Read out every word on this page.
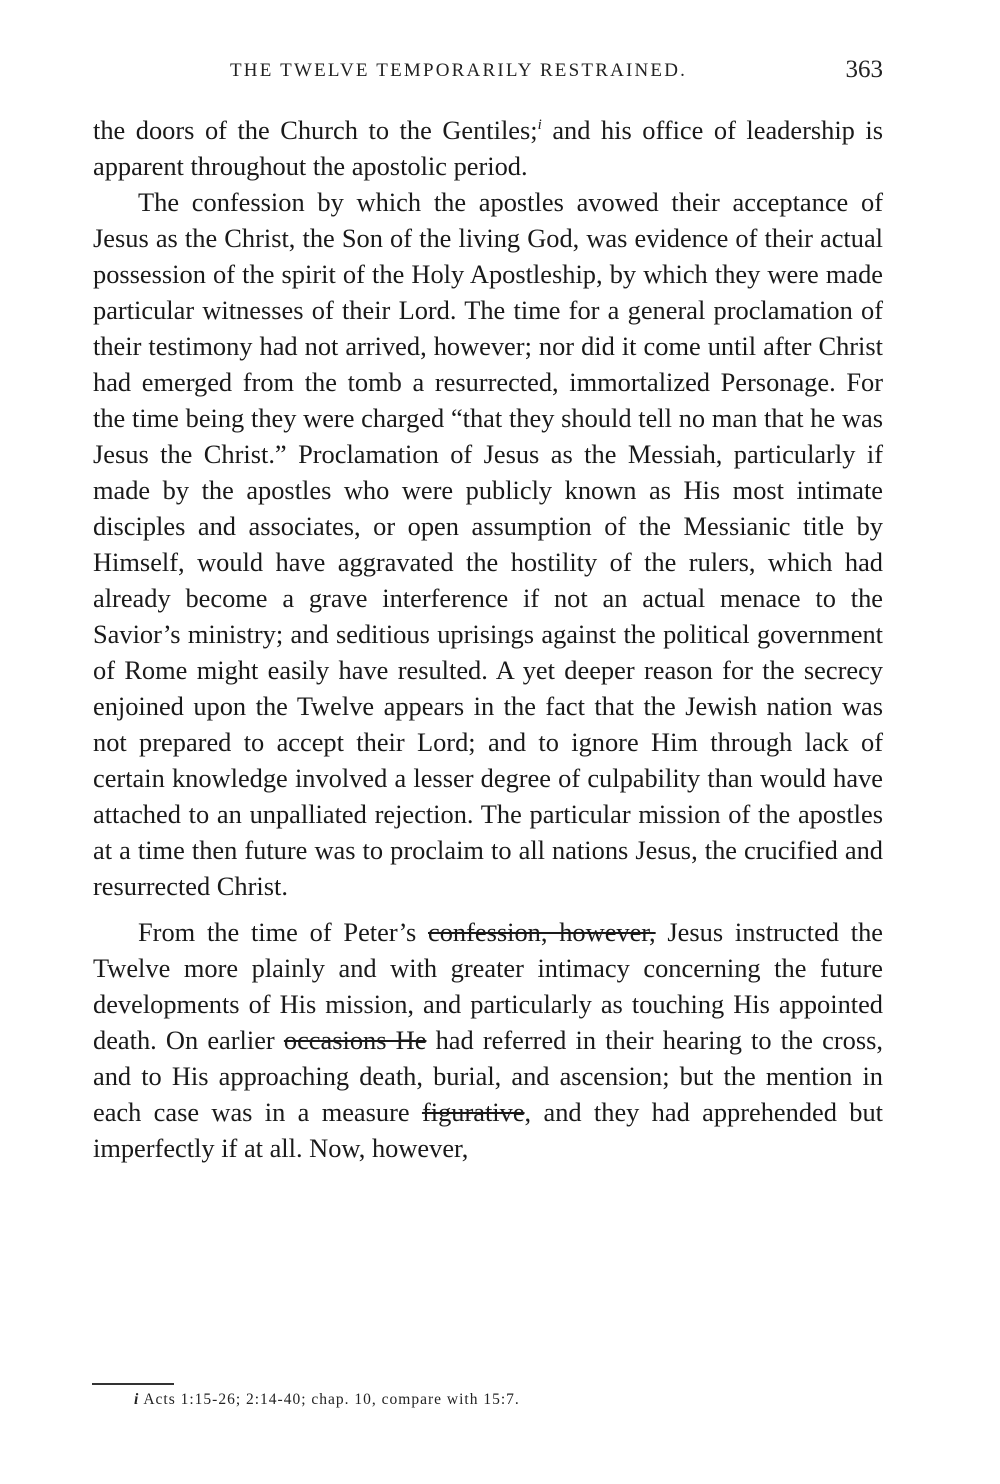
THE TWELVE TEMPORARILY RESTRAINED.	363

the doors of the Church to the Gentiles;$^i$ and his office of leadership is apparent throughout the apostolic period.

The confession by which the apostles avowed their acceptance of Jesus as the Christ, the Son of the living God, was evidence of their actual possession of the spirit of the Holy Apostleship, by which they were made particular witnesses of their Lord. The time for a general proclamation of their testimony had not arrived, however; nor did it come until after Christ had emerged from the tomb a resurrected, immortalized Personage. For the time being they were charged “that they should tell no man that he was Jesus the Christ.” Proclamation of Jesus as the Messiah, particularly if made by the apostles who were publicly known as His most intimate disciples and associates, or open assumption of the Messianic title by Himself, would have aggravated the hostility of the rulers, which had already become a grave interference if not an actual menace to the Savior’s ministry; and seditious uprisings against the political government of Rome might easily have resulted. A yet deeper reason for the secrecy enjoined upon the Twelve appears in the fact that the Jewish nation was not prepared to accept their Lord; and to ignore Him through lack of certain knowledge involved a lesser degree of culpability than would have attached to an unpalliated rejection. The particular mission of the apostles at a time then future was to proclaim to all nations Jesus, the crucified and resurrected Christ.

From the time of Peter’s confession, however, Jesus instructed the Twelve more plainly and with greater intimacy concerning the future developments of His mission, and particularly as touching His appointed death. On earlier occasions He had referred in their hearing to the cross, and to His approaching death, burial, and ascension; but the mention in each case was in a measure figurative, and they had apprehended but imperfectly if at all. Now, however,

i Acts 1:15-26; 2:14-40; chap. 10, compare with 15:7.
